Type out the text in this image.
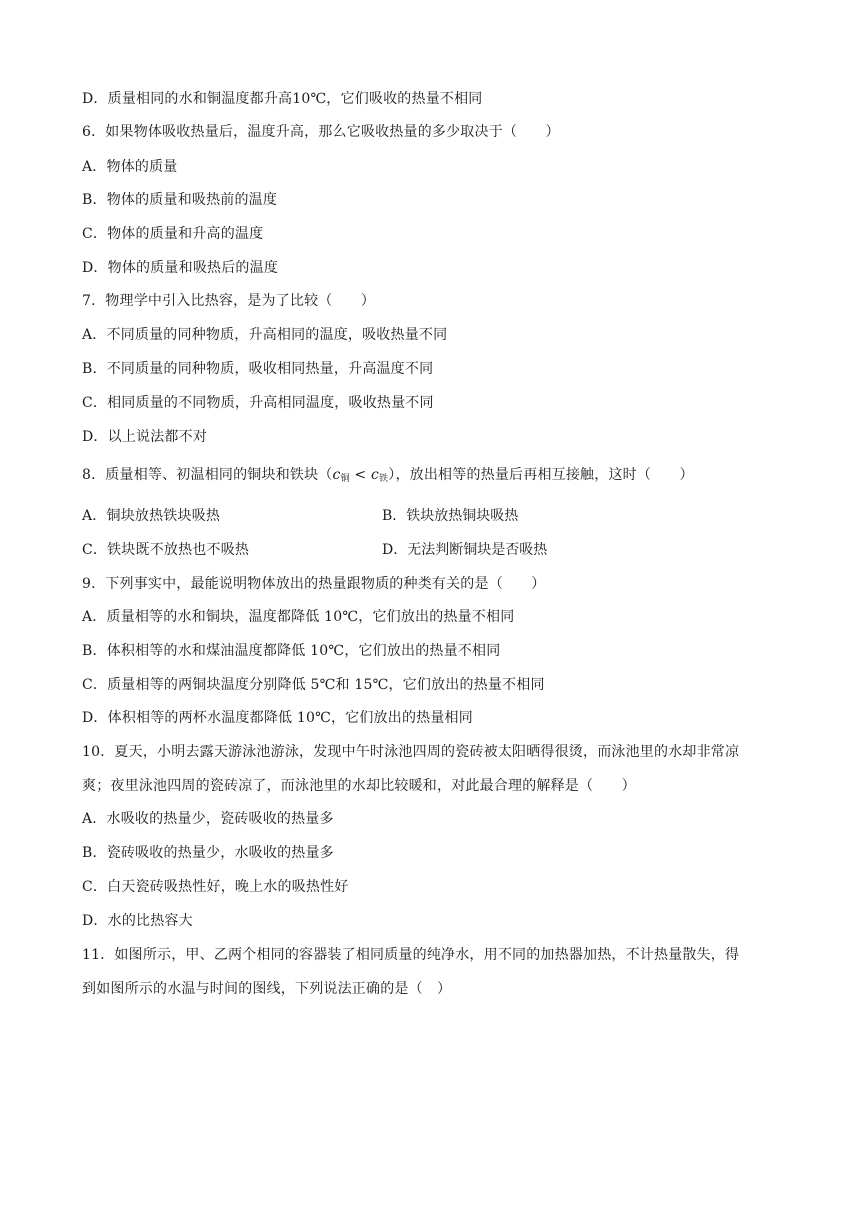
D．质量相同的水和铜温度都升高10℃，它们吸收的热量不相同
6．如果物体吸收热量后，温度升高，那么它吸收热量的多少取决于（　　）
A．物体的质量
B．物体的质量和吸热前的温度
C．物体的质量和升高的温度
D．物体的质量和吸热后的温度
7．物理学中引入比热容，是为了比较（　　）
A．不同质量的同种物质，升高相同的温度，吸收热量不同
B．不同质量的同种物质，吸收相同热量，升高温度不同
C．相同质量的不同物质，升高相同温度，吸收热量不同
D．以上说法都不对
8．质量相等、初温相同的铜块和铁块$(c_铜 < c_铁)$，放出相等的热量后再相互接触，这时（　　）
A．铜块放热铁块吸热	B．铁块放热铜块吸热
C．铁块既不放热也不吸热	D．无法判断铜块是否吸热
9．下列事实中，最能说明物体放出的热量跟物质的种类有关的是（　　）
A．质量相等的水和铜块，温度都降低 10℃，它们放出的热量不相同
B．体积相等的水和煤油温度都降低 10℃，它们放出的热量不相同
C．质量相等的两铜块温度分别降低 5℃和 15℃，它们放出的热量不相同
D．体积相等的两杯水温度都降低 10℃，它们放出的热量相同
10．夏天，小明去露天游泳池游泳，发现中午时泳池四周的瓷砖被太阳晒得很烫，而泳池里的水却非常凉
爽；夜里泳池四周的瓷砖凉了，而泳池里的水却比较暖和，对此最合理的解释是（　　）
A．水吸收的热量少，瓷砖吸收的热量多
B．瓷砖吸收的热量少，水吸收的热量多
C．白天瓷砖吸热性好，晚上水的吸热性好
D．水的比热容大
11．如图所示，甲、乙两个相同的容器装了相同质量的纯净水，用不同的加热器加热，不计热量散失，得
到如图所示的水温与时间的图线，下列说法正确的是（　）
